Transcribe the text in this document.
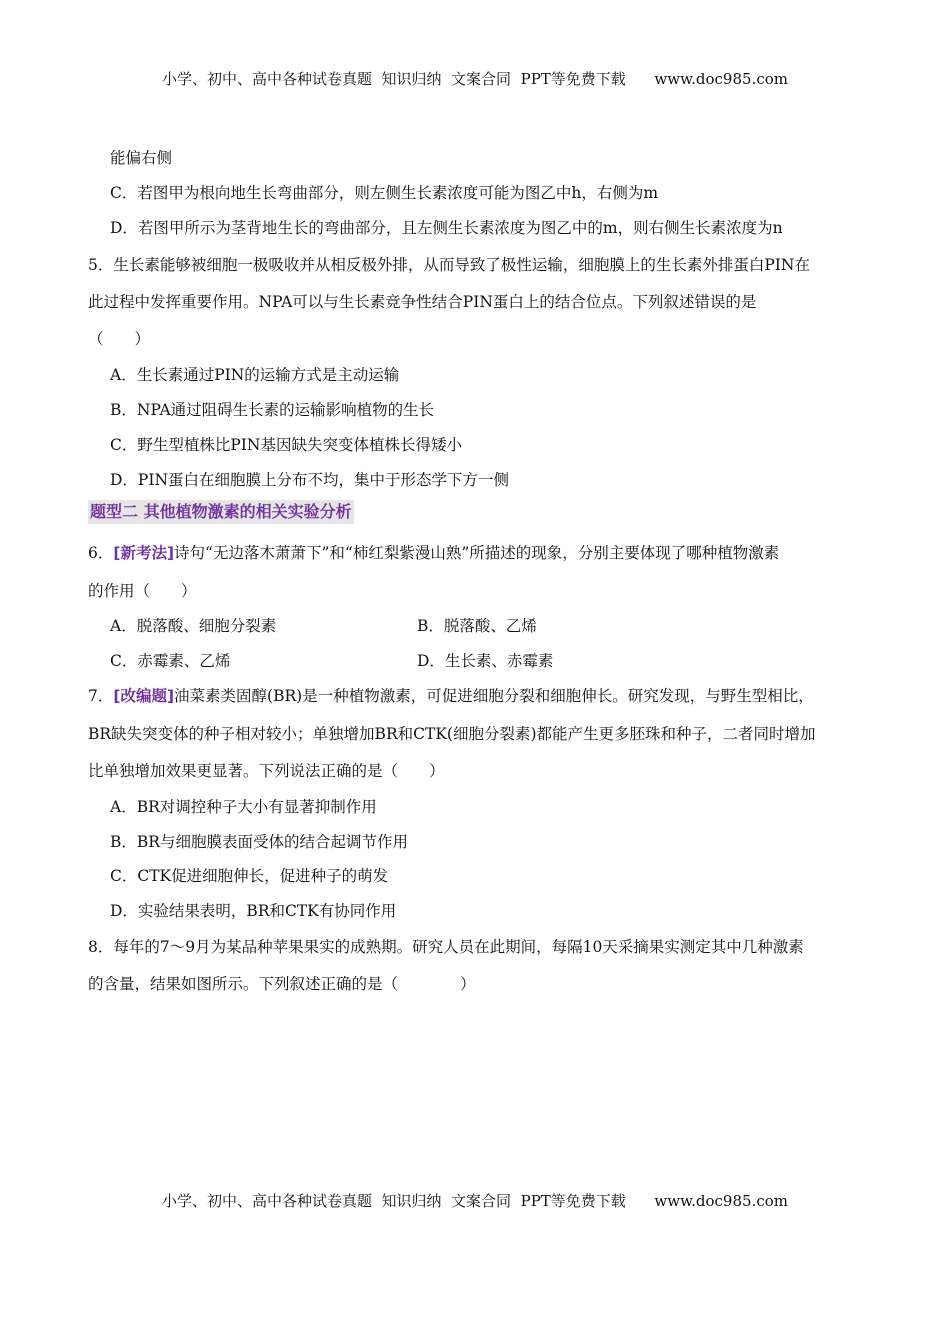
小学、初中、高中各种试卷真题  知识归纳  文案合同  PPT等免费下载      www.doc985.com
能偏右侧
C．若图甲为根向地生长弯曲部分，则左侧生长素浓度可能为图乙中h，右侧为m
D．若图甲所示为茎背地生长的弯曲部分，且左侧生长素浓度为图乙中的m，则右侧生长素浓度为n
5．生长素能够被细胞一极吸收并从相反极外排，从而导致了极性运输，细胞膜上的生长素外排蛋白PIN在
此过程中发挥重要作用。NPA可以与生长素竞争性结合PIN蛋白上的结合位点。下列叙述错误的是
（　　）
A．生长素通过PIN的运输方式是主动运输
B．NPA通过阻碍生长素的运输影响植物的生长
C．野生型植株比PIN基因缺失突变体植株长得矮小
D．PIN蛋白在细胞膜上分布不均，集中于形态学下方一侧
题型二 其他植物激素的相关实验分析
6．[新考法]诗句“无边落木萧萧下”和“柿红梨紫漫山熟”所描述的现象，分别主要体现了哪种植物激素
的作用（　　）
A．脱落酸、细胞分裂素	B．脱落酸、乙烯
C．赤霉素、乙烯	D．生长素、赤霉素
7．[改编题]油菜素类固醇(BR)是一种植物激素，可促进细胞分裂和细胞伸长。研究发现，与野生型相比，
BR缺失突变体的种子相对较小；单独增加BR和CTK(细胞分裂素)都能产生更多胚珠和种子，二者同时增加
比单独增加效果更显著。下列说法正确的是（　　）
A．BR对调控种子大小有显著抑制作用
B．BR与细胞膜表面受体的结合起调节作用
C．CTK促进细胞伸长，促进种子的萌发
D．实验结果表明，BR和CTK有协同作用
8．每年的7～9月为某品种苹果果实的成熟期。研究人员在此期间，每隔10天采摘果实测定其中几种激素
的含量，结果如图所示。下列叙述正确的是（　　　　）
小学、初中、高中各种试卷真题  知识归纳  文案合同  PPT等免费下载      www.doc985.com
